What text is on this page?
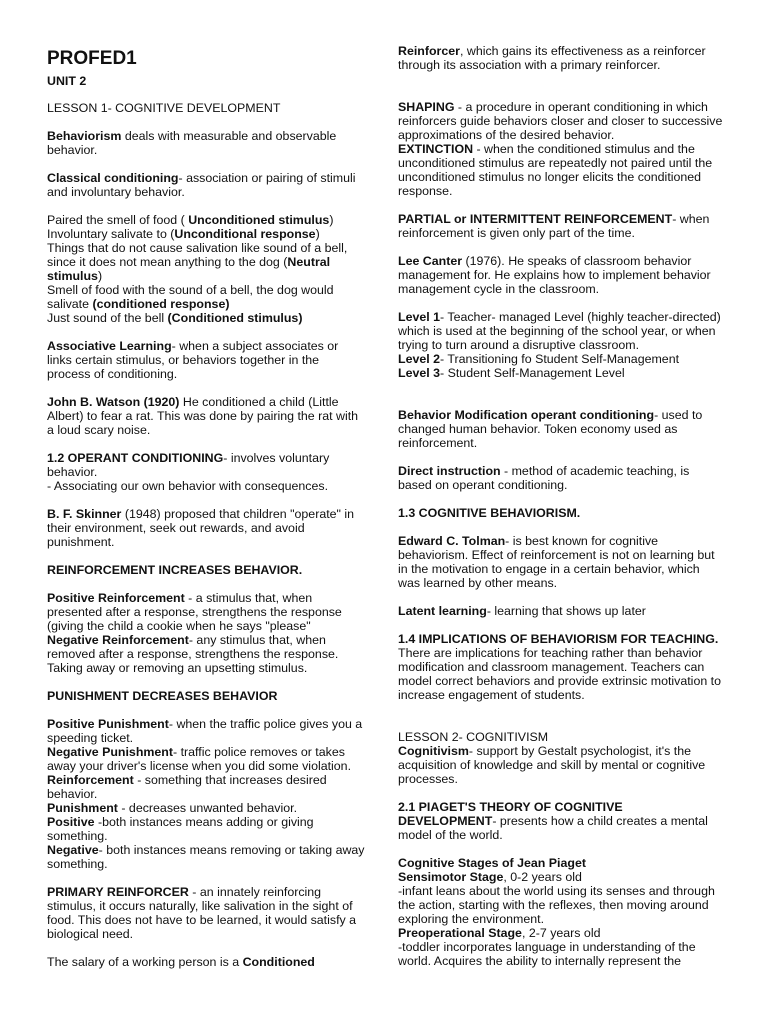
PROFED1
UNIT 2

LESSON 1- COGNITIVE DEVELOPMENT

Behaviorism deals with measurable and observable behavior.

Classical conditioning- association or pairing of stimuli and involuntary behavior.

Paired the smell of food ( Unconditioned stimulus)
Involuntary salivate to (Unconditional response)
Things that do not cause salivation like sound of a bell, since it does not mean anything to the dog (Neutral stimulus)
Smell of food with the sound of a bell, the dog would salivate (conditioned response)
Just sound of the bell (Conditioned stimulus)

Associative Learning- when a subject associates or links certain stimulus, or behaviors together in the process of conditioning.

John B. Watson (1920) He conditioned a child (Little Albert) to fear a rat. This was done by pairing the rat with a loud scary noise.

1.2 OPERANT CONDITIONING- involves voluntary behavior.
- Associating our own behavior with consequences.

B. F. Skinner (1948) proposed that children "operate" in their environment, seek out rewards, and avoid punishment.

REINFORCEMENT INCREASES BEHAVIOR.

Positive Reinforcement - a stimulus that, when presented after a response, strengthens the response (giving the child a cookie when he says "please"
Negative Reinforcement- any stimulus that, when removed after a response, strengthens the response. Taking away or removing an upsetting stimulus.

PUNISHMENT DECREASES BEHAVIOR

Positive Punishment- when the traffic police gives you a speeding ticket.
Negative Punishment- traffic police removes or takes away your driver's license when you did some violation.
Reinforcement - something that increases desired behavior.
Punishment - decreases unwanted behavior.
Positive -both instances means adding or giving something.
Negative- both instances means removing or taking away something.

PRIMARY REINFORCER - an innately reinforcing stimulus, it occurs naturally, like salivation in the sight of food. This does not have to be learned, it would satisfy a biological need.

The salary of a working person is a Conditioned

Reinforcer, which gains its effectiveness as a reinforcer through its association with a primary reinforcer.

SHAPING - a procedure in operant conditioning in which reinforcers guide behaviors closer and closer to successive approximations of the desired behavior.
EXTINCTION - when the conditioned stimulus and the unconditioned stimulus are repeatedly not paired until the unconditioned stimulus no longer elicits the conditioned response.

PARTIAL or INTERMITTENT REINFORCEMENT- when reinforcement is given only part of the time.

Lee Canter (1976). He speaks of classroom behavior management for. He explains how to implement behavior management cycle in the classroom.

Level 1- Teacher- managed Level (highly teacher-directed) which is used at the beginning of the school year, or when trying to turn around a disruptive classroom.
Level 2- Transitioning fo Student Self-Management
Level 3- Student Self-Management Level

Behavior Modification operant conditioning- used to changed human behavior. Token economy used as reinforcement.

Direct instruction - method of academic teaching, is based on operant conditioning.

1.3 COGNITIVE BEHAVIORISM.

Edward C. Tolman- is best known for cognitive behaviorism. Effect of reinforcement is not on learning but in the motivation to engage in a certain behavior, which was learned by other means.

Latent learning- learning that shows up later

1.4 IMPLICATIONS OF BEHAVIORISM FOR TEACHING. There are implications for teaching rather than behavior modification and classroom management. Teachers can model correct behaviors and provide extrinsic motivation to increase engagement of students.

LESSON 2- COGNITIVISM
Cognitivism- support by Gestalt psychologist, it's the acquisition of knowledge and skill by mental or cognitive processes.

2.1 PIAGET'S THEORY OF COGNITIVE DEVELOPMENT- presents how a child creates a mental model of the world.

Cognitive Stages of Jean Piaget
Sensimotor Stage, 0-2 years old
-infant leans about the world using its senses and through the action, starting with the reflexes, then moving around exploring the environment.
Preoperational Stage, 2-7 years old
-toddler incorporates language in understanding of the world. Acquires the ability to internally represent the
